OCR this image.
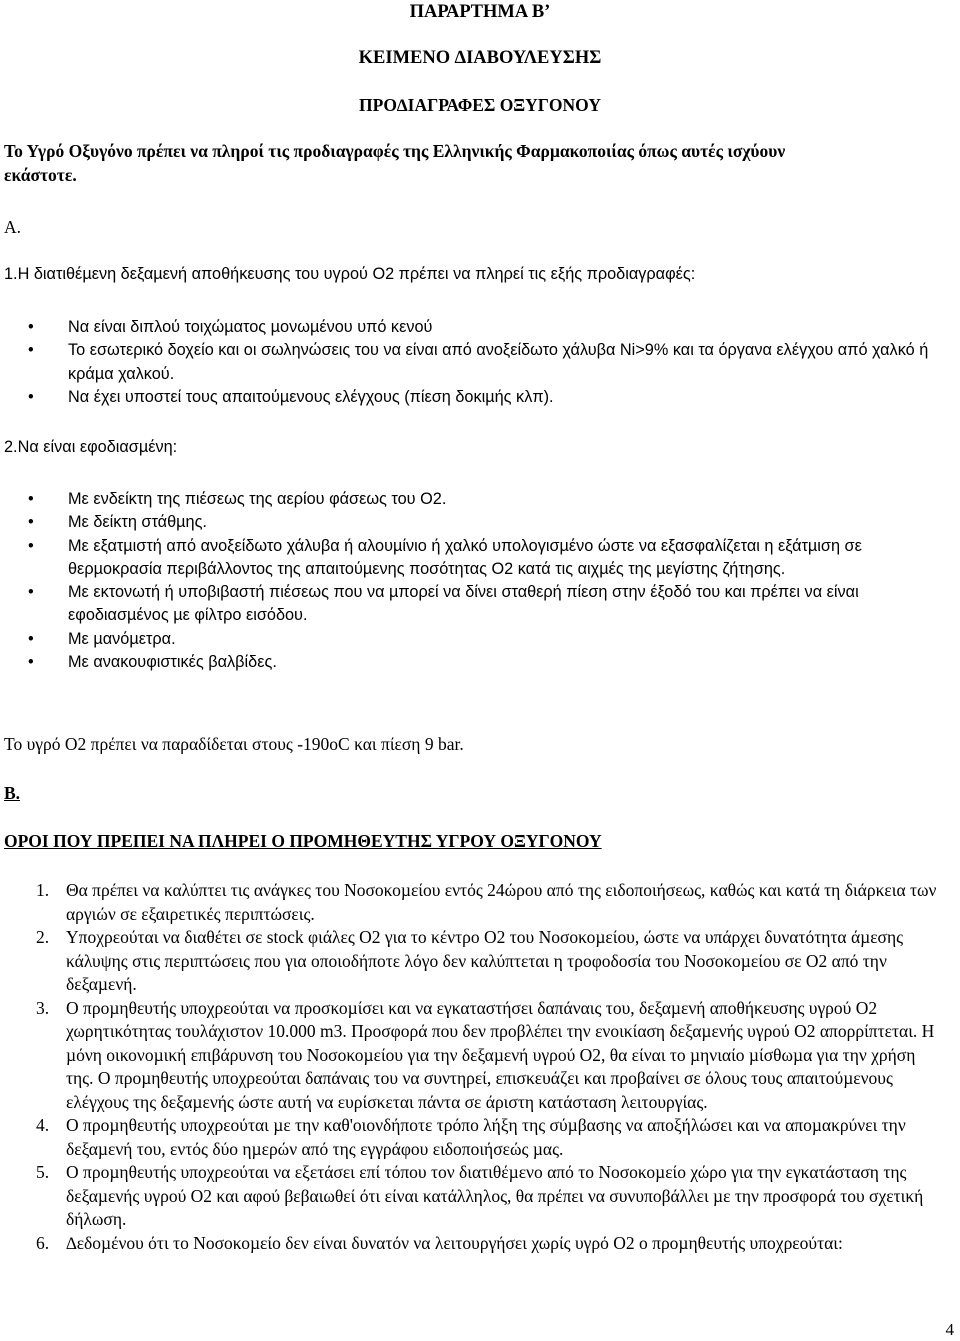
ΠΑΡΑΡΤΗΜΑ Β’
ΚΕΙΜΕΝΟ ∆ΙΑΒΟΥΛΕΥΣΗΣ
ΠΡΟ∆ΙΑΓΡΑΦΕΣ ΟΞΥΓΟΝΟΥ
Το Υγρό Οξυγόνο πρέπει να πληροί τις προδιαγραφές της Ελληνικής Φαρµακοποιίας όπως αυτές ισχύουν
εκάστοτε.
Α.
1.Η διατιθέµενη δεξαµενή αποθήκευσης του υγρού Ο2 πρέπει να πληρεί τις εξής προδιαγραφές:
• Να είναι διπλού τοιχώµατος µονωµένου υπό κενού
• Το εσωτερικό δοχείο και οι σωληνώσεις του να είναι από ανοξείδωτο χάλυβα Ni>9% και τα όργανα ελέγχου από χαλκό ή κράµα χαλκού.
• Να έχει υποστεί τους απαιτούµενους ελέγχους (πίεση δοκιµής κλπ).
2.Να είναι εφοδιασµένη:
• Με ενδείκτη της πιέσεως της αερίου φάσεως του Ο2.
• Με δείκτη στάθµης.
• Με εξατµιστή από ανοξείδωτο χάλυβα ή αλουµίνιο ή χαλκό υπολογισµένο ώστε να εξασφαλίζεται η εξάτµιση σε θερµοκρασία περιβάλλοντος της απαιτούµενης ποσότητας Ο2 κατά τις αιχµές της µεγίστης ζήτησης.
• Με εκτονωτή ή υποβιβαστή πιέσεως που να µπορεί να δίνει σταθερή πίεση στην έξοδό του και πρέπει να είναι εφοδιασµένος µε φίλτρο εισόδου.
• Με µανόµετρα.
• Με ανακουφιστικές βαλβίδες.
Το υγρό Ο2 πρέπει να παραδίδεται στους -190οC και πίεση 9 bar.
Β.
ΟΡΟΙ ΠΟΥ ΠΡΕΠΕΙ ΝΑ ΠΛΗΡΕΙ Ο ΠΡΟΜΗΘΕΥΤΗΣ ΥΓΡΟΥ ΟΞΥΓΟΝΟΥ
1. Θα πρέπει να καλύπτει τις ανάγκες του Νοσοκοµείου εντός 24ώρου από της ειδοποιήσεως, καθώς και κατά τη διάρκεια των αργιών σε εξαιρετικές περιπτώσεις.
2. Υποχρεούται να διαθέτει σε stock φιάλες Ο2 για το κέντρο Ο2 του Νοσοκοµείου, ώστε να υπάρχει δυνατότητα άµεσης κάλυψης στις περιπτώσεις που για οποιοδήποτε λόγο δεν καλύπτεται η τροφοδοσία του Νοσοκοµείου σε Ο2 από την δεξαµενή.
3. Ο προµηθευτής υποχρεούται να προσκοµίσει και να εγκαταστήσει δαπάναις του, δεξαµενή αποθήκευσης υγρού Ο2 χωρητικότητας τουλάχιστον 10.000 m3. Προσφορά που δεν προβλέπει την ενοικίαση δεξαµενής υγρού Ο2 απορρίπτεται. Η µόνη οικονοµική επιβάρυνση του Νοσοκοµείου για την δεξαµενή υγρού Ο2, θα είναι το µηνιαίο µίσθωµα για την χρήση της. Ο προµηθευτής υποχρεούται δαπάναις του να συντηρεί, επισκευάζει και προβαίνει σε όλους τους απαιτούµενους ελέγχους της δεξαµενής ώστε αυτή να ευρίσκεται πάντα σε άριστη κατάσταση λειτουργίας.
4. Ο προµηθευτής υποχρεούται µε την καθ'οιονδήποτε τρόπο λήξη της σύµβασης να αποξήλώσει και να αποµακρύνει την δεξαµενή του, εντός δύο ηµερών από της εγγράφου ειδοποιήσεώς µας.
5. Ο προµηθευτής υποχρεούται να εξετάσει επί τόπου τον διατιθέµενο από το Νοσοκοµείο χώρο για την εγκατάσταση της δεξαµενής υγρού Ο2 και αφού βεβαιωθεί ότι είναι κατάλληλος, θα πρέπει να συνυποβάλλει µε την προσφορά του σχετική δήλωση.
6. ∆εδοµένου ότι το Νοσοκοµείο δεν είναι δυνατόν να λειτουργήσει χωρίς υγρό Ο2 ο προµηθευτής υποχρεούται:
4
